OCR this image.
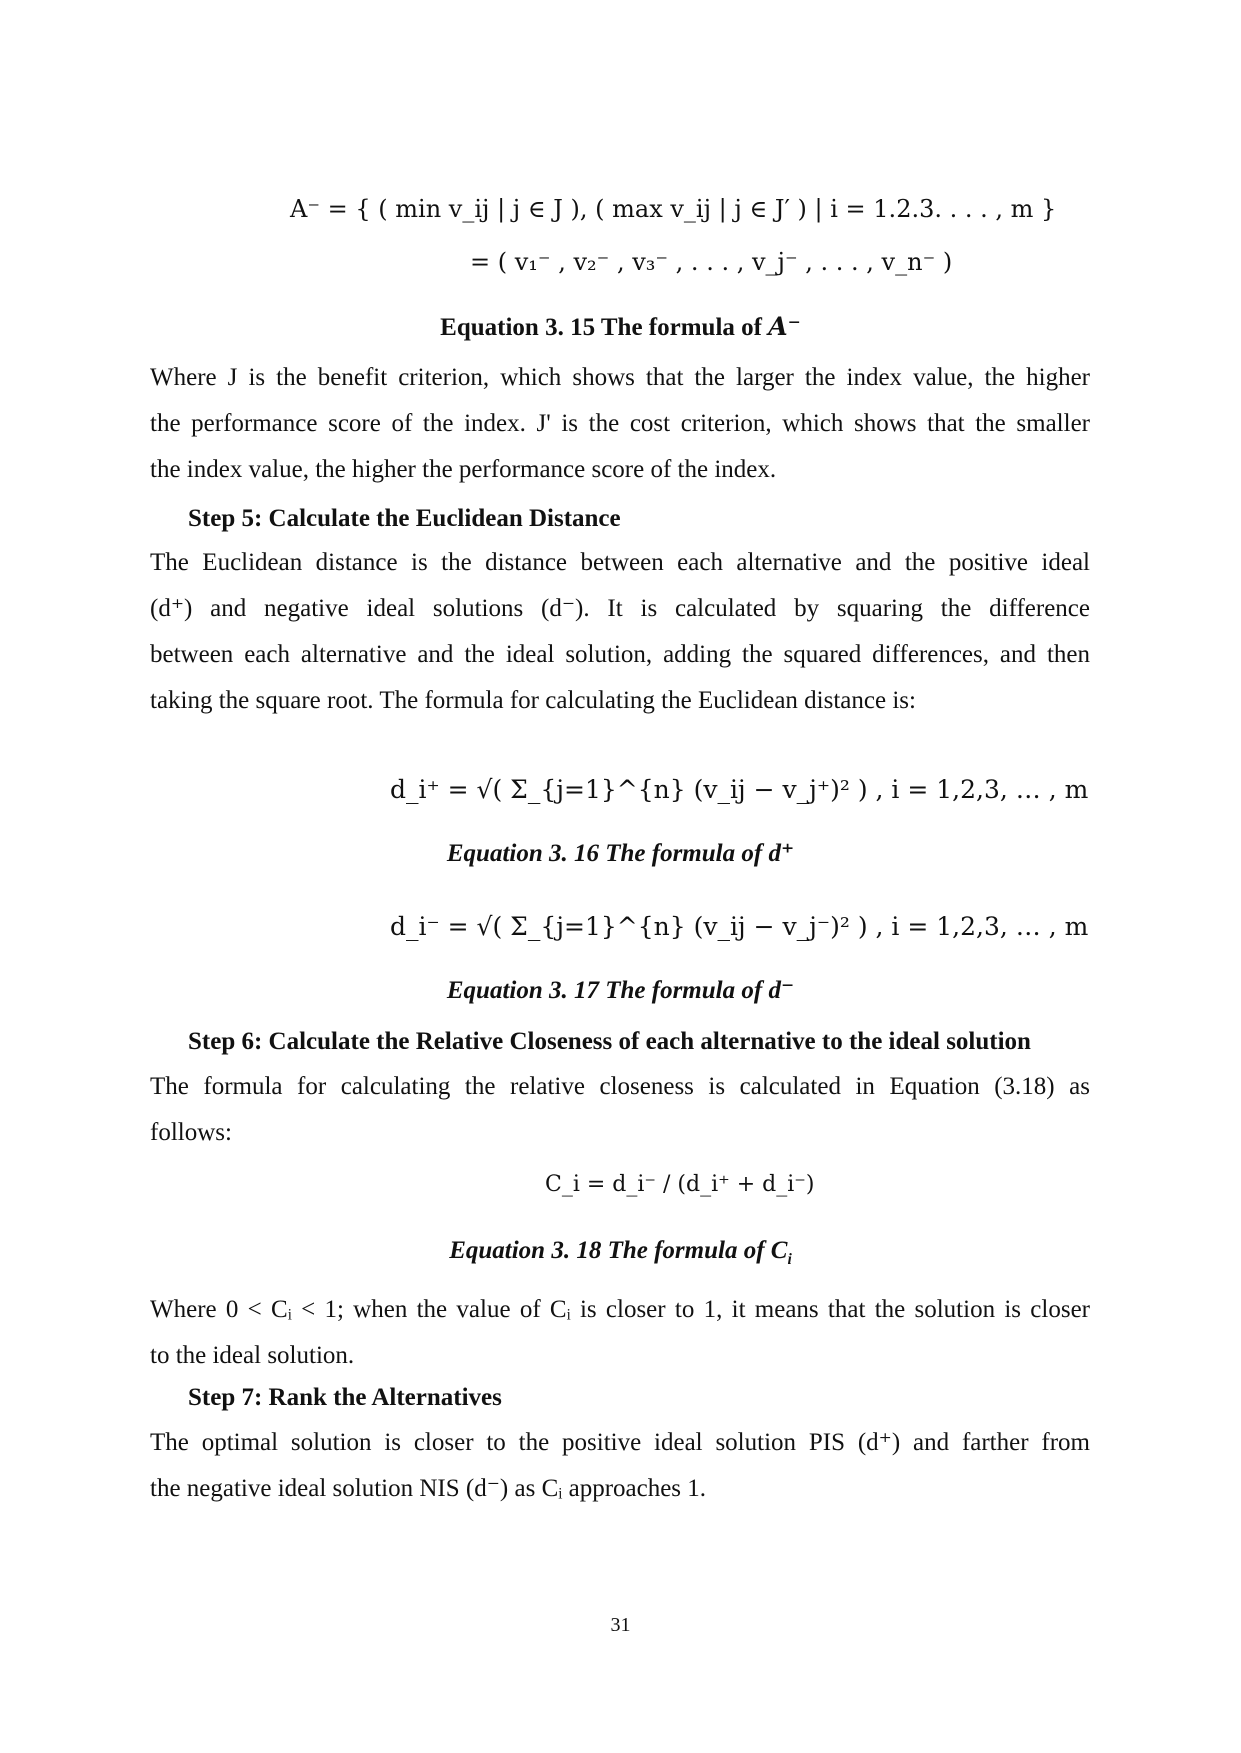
A⁻ = { ( min v_ij | j ∈ J ), ( max v_ij | j ∈ J′ ) | i = 1.2.3. . . . , m }
= ( v₁⁻ , v₂⁻ , v₃⁻ , . . . , v_j⁻ , . . . , v_n⁻ )
Equation 3. 15 The formula of A⁻
Where J is the benefit criterion, which shows that the larger the index value, the higher
the performance score of the index. J' is the cost criterion, which shows that the smaller
the index value, the higher the performance score of the index.
Step 5: Calculate the Euclidean Distance
The Euclidean distance is the distance between each alternative and the positive ideal
(d⁺) and negative ideal solutions (d⁻). It is calculated by squaring the difference
between each alternative and the ideal solution, adding the squared differences, and then
taking the square root. The formula for calculating the Euclidean distance is:
d_i⁺ = √( Σ_{j=1}^{n} (v_ij − v_j⁺)² ) , i = 1,2,3, … , m
Equation 3. 16 The formula of d⁺
d_i⁻ = √( Σ_{j=1}^{n} (v_ij − v_j⁻)² ) , i = 1,2,3, … , m
Equation 3. 17 The formula of d⁻
Step 6: Calculate the Relative Closeness of each alternative to the ideal solution
The formula for calculating the relative closeness is calculated in Equation (3.18) as
follows:
C_i = d_i⁻ / (d_i⁺ + d_i⁻)
Equation 3. 18 The formula of $C_i$
Where 0 < Cᵢ < 1; when the value of Cᵢ is closer to 1, it means that the solution is closer
to the ideal solution.
Step 7: Rank the Alternatives
The optimal solution is closer to the positive ideal solution PIS (d⁺) and farther from
the negative ideal solution NIS (d⁻) as Cᵢ approaches 1.
31
